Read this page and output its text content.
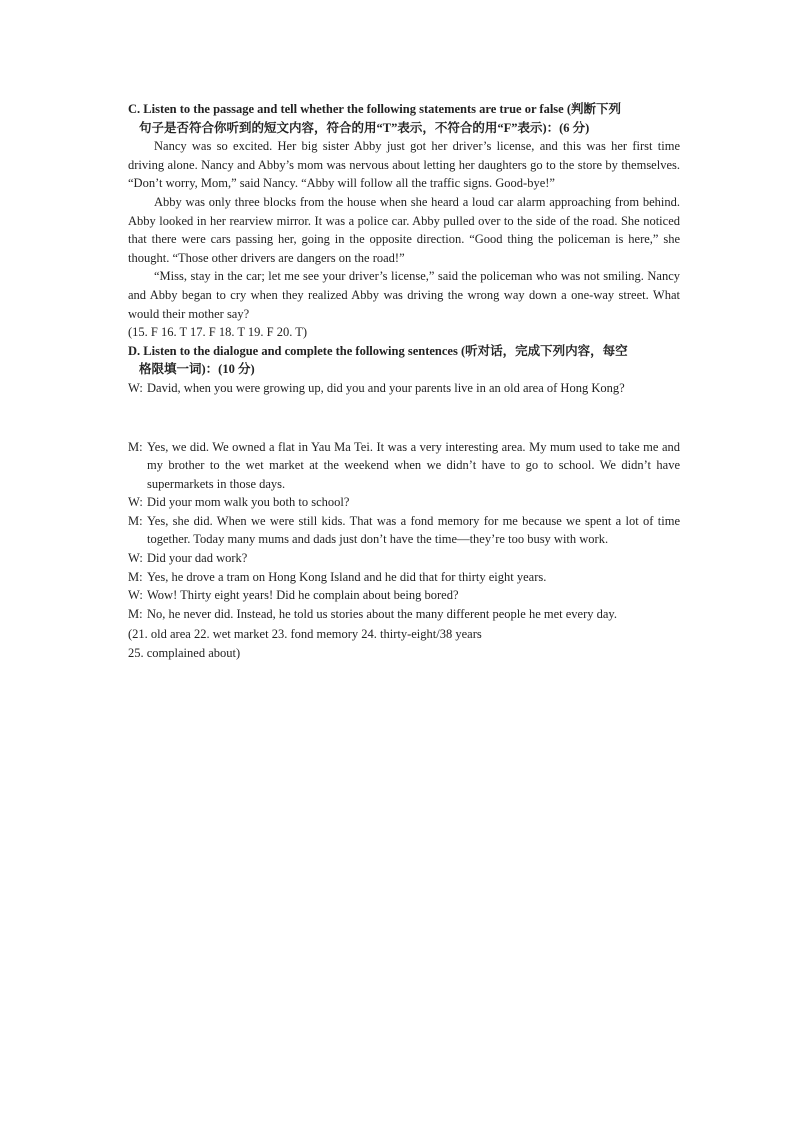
C. Listen to the passage and tell whether the following statements are true or false (判断下列
句子是否符合你听到的短文内容，符合的用“T”表示，不符合的用“F”表示)：(6 分)

Nancy was so excited. Her big sister Abby just got her driver’s license, and this was her first time driving alone. Nancy and Abby’s mom was nervous about letting her daughters go to the store by themselves. “Don’t worry, Mom,” said Nancy. “Abby will follow all the traffic signs. Good-bye!”

Abby was only three blocks from the house when she heard a loud car alarm approaching from behind. Abby looked in her rearview mirror. It was a police car. Abby pulled over to the side of the road. She noticed that there were cars passing her, going in the opposite direction. “Good thing the policeman is here,” she thought. “Those other drivers are dangers on the road!”

“Miss, stay in the car; let me see your driver’s license,” said the policeman who was not smiling. Nancy and Abby began to cry when they realized Abby was driving the wrong way down a one-way street. What would their mother say?

(15. F 16. T 17. F 18. T 19. F 20. T)

D. Listen to the dialogue and complete the following sentences (听对话，完成下列内容，每空
格限填一词)：(10 分)
W: David, when you were growing up, did you and your parents live in an old area of Hong Kong?
M: Yes, we did. We owned a flat in Yau Ma Tei. It was a very interesting area. My mum used to take me and my brother to the wet market at the weekend when we didn’t have to go to school. We didn’t have supermarkets in those days.
W: Did your mom walk you both to school?
M: Yes, she did. When we were still kids. That was a fond memory for me because we spent a lot of time together. Today many mums and dads just don’t have the time—they’re too busy with work.
W: Did your dad work?
M: Yes, he drove a tram on Hong Kong Island and he did that for thirty eight years.
W: Wow! Thirty eight years! Did he complain about being bored?
M: No, he never did. Instead, he told us stories about the many different people he met every day.
(21. old area 22. wet market 23. fond memory 24. thirty-eight/38 years
25. complained about)
